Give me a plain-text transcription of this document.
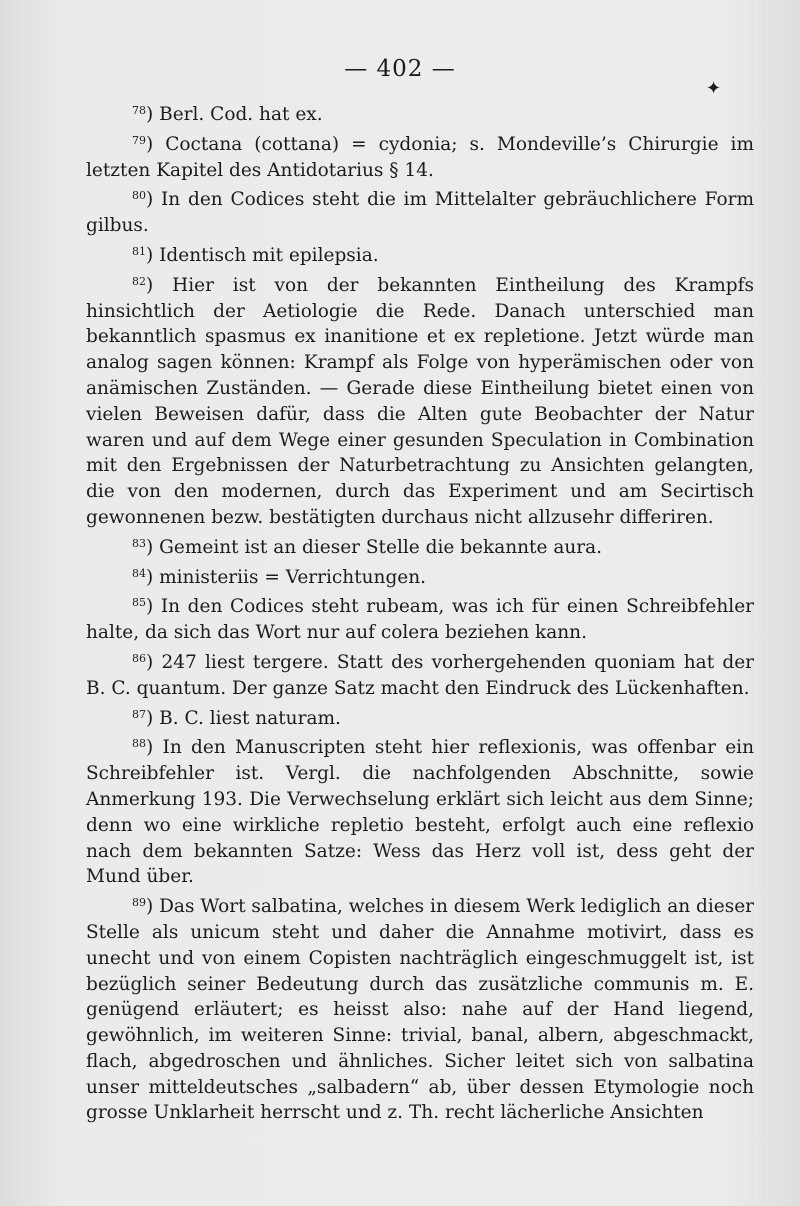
— 402 —
✦

$^{78}$) Berl. Cod. hat ex.

$^{79}$) Coctana (cottana) = cydonia; s. Mondeville’s Chirurgie im letzten Kapitel des Antidotarius § 14.

$^{80}$) In den Codices steht die im Mittelalter gebräuchlichere Form gilbus.

$^{81}$) Identisch mit epilepsia.

$^{82}$) Hier ist von der bekannten Eintheilung des Krampfs hinsichtlich der Aetiologie die Rede. Danach unterschied man bekanntlich spasmus ex inanitione et ex repletione. Jetzt würde man analog sagen können: Krampf als Folge von hyperämischen oder von anämischen Zuständen. — Gerade diese Eintheilung bietet einen von vielen Beweisen dafür, dass die Alten gute Beobachter der Natur waren und auf dem Wege einer gesunden Speculation in Combination mit den Ergebnissen der Naturbetrachtung zu Ansichten gelangten, die von den modernen, durch das Experiment und am Secirtisch gewonnenen bezw. bestätigten durchaus nicht allzusehr differiren.

$^{83}$) Gemeint ist an dieser Stelle die bekannte aura.

$^{84}$) ministeriis = Verrichtungen.

$^{85}$) In den Codices steht rubeam, was ich für einen Schreibfehler halte, da sich das Wort nur auf colera beziehen kann.

$^{86}$) 247 liest tergere. Statt des vorhergehenden quoniam hat der B. C. quantum. Der ganze Satz macht den Eindruck des Lückenhaften.

$^{87}$) B. C. liest naturam.

$^{88}$) In den Manuscripten steht hier reflexionis, was offenbar ein Schreibfehler ist. Vergl. die nachfolgenden Abschnitte, sowie Anmerkung 193. Die Verwechselung erklärt sich leicht aus dem Sinne; denn wo eine wirkliche repletio besteht, erfolgt auch eine reflexio nach dem bekannten Satze: Wess das Herz voll ist, dess geht der Mund über.

$^{89}$) Das Wort salbatina, welches in diesem Werk lediglich an dieser Stelle als unicum steht und daher die Annahme motivirt, dass es unecht und von einem Copisten nachträglich eingeschmuggelt ist, ist bezüglich seiner Bedeutung durch das zusätzliche communis m. E. genügend erläutert; es heisst also: nahe auf der Hand liegend, gewöhnlich, im weiteren Sinne: trivial, banal, albern, abgeschmackt, flach, abgedroschen und ähnliches. Sicher leitet sich von salbatina unser mitteldeutsches „salbadern“ ab, über dessen Etymologie noch grosse Unklarheit herrscht und z. Th. recht lächerliche Ansichten
